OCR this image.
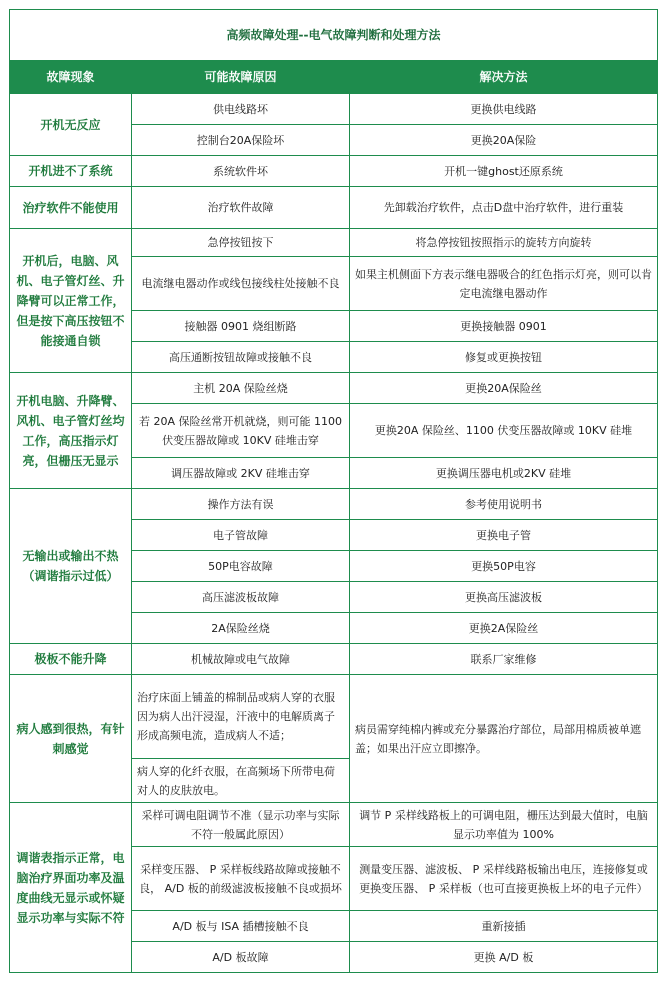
高频故障处理--电气故障判断和处理方法		
故障现象	可能故障原因	解决方法
开机无反应	供电线路坏	更换供电线路
	控制台20A保险坏	更换20A保险
开机进不了系统	系统软件坏	开机一键ghost还原系统
治疗软件不能使用	治疗软件故障	先卸载治疗软件，点击D盘中治疗软件，进行重装
开机后，电脑、风机、电子管灯丝、升降臂可以正常工作，但是按下高压按钮不能接通自锁	急停按钮按下	将急停按钮按照指示的旋转方向旋转
	电流继电器动作或线包接线柱处接触不良	如果主机侧面下方表示继电器吸合的红色指示灯亮，则可以肯定电流继电器动作
	接触器 0901 烧组断路	更换接触器 0901
	高压通断按钮故障或接触不良	修复或更换按钮
开机电脑、升降臂、风机、电子管灯丝均工作，高压指示灯亮，但栅压无显示	主机 20A 保险丝烧	更换20A保险丝
	若 20A 保险丝常开机就烧，则可能 1100 伏变压器故障或 10KV 硅堆击穿	更换20A 保险丝、1100 伏变压器故障或 10KV 硅堆
	调压器故障或 2KV 硅堆击穿	更换调压器电机或2KV 硅堆
无输出或输出不热（调谐指示过低）	操作方法有误	参考使用说明书
	电子管故障	更换电子管
	50P电容故障	更换50P电容
	高压滤波板故障	更换高压滤波板
	2A保险丝烧	更换2A保险丝
极板不能升降	机械故障或电气故障	联系厂家维修
病人感到很热，有针刺感觉	治疗床面上铺盖的棉制品或病人穿的衣服因为病人出汗浸湿，汗液中的电解质离子形成高频电流，造成病人不适；	病员需穿纯棉内裤或充分暴露治疗部位，局部用棉质被单遮盖；如果出汗应立即擦净。
	病人穿的化纤衣服，在高频场下所带电荷对人的皮肤放电。	
调谐表指示正常，电脑治疗界面功率及温度曲线无显示或怀疑显示功率与实际不符	采样可调电阻调节不准（显示功率与实际不符一般属此原因）	调节 P 采样线路板上的可调电阻，栅压达到最大值时，电脑显示功率值为 100%
	采样变压器、 P 采样板线路故障或接触不良， A/D 板的前级滤波板接触不良或损坏	测量变压器、滤波板、 P 采样线路板输出电压，连接修复或更换变压器、 P 采样板（也可直接更换板上坏的电子元件）
	A/D 板与 ISA 插槽接触不良	重新接插
	A/D 板故障	更换 A/D 板
